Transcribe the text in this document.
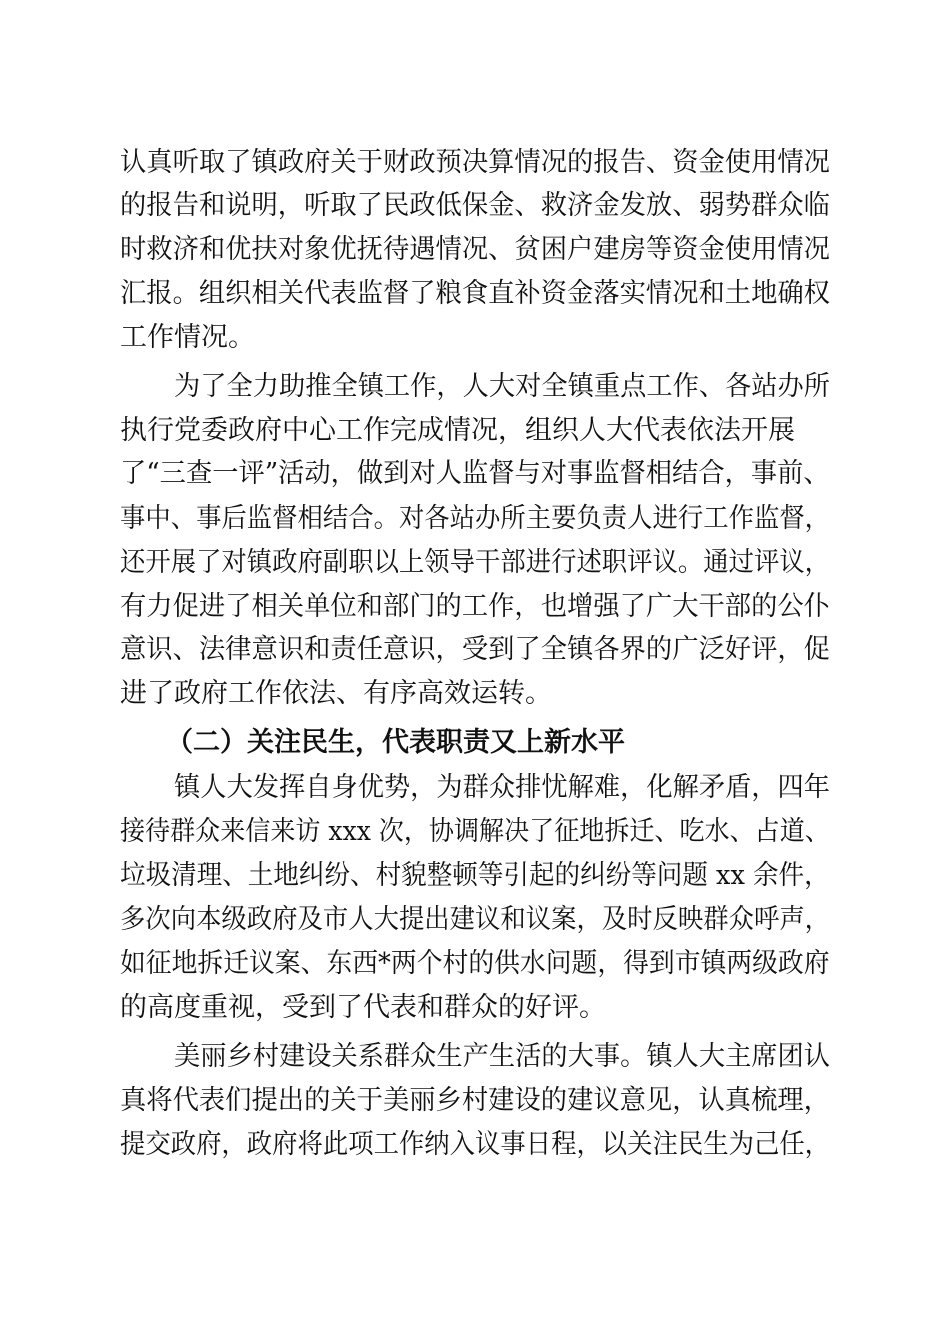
认真听取了镇政府关于财政预决算情况的报告、资金使用情况
的报告和说明，听取了民政低保金、救济金发放、弱势群众临
时救济和优扶对象优抚待遇情况、贫困户建房等资金使用情况
汇报。组织相关代表监督了粮食直补资金落实情况和土地确权
工作情况。
为了全力助推全镇工作，人大对全镇重点工作、各站办所
执行党委政府中心工作完成情况，组织人大代表依法开展
了“三查一评”活动，做到对人监督与对事监督相结合，事前、
事中、事后监督相结合。对各站办所主要负责人进行工作监督，
还开展了对镇政府副职以上领导干部进行述职评议。通过评议，
有力促进了相关单位和部门的工作，也增强了广大干部的公仆
意识、法律意识和责任意识，受到了全镇各界的广泛好评，促
进了政府工作依法、有序高效运转。
（二）关注民生，代表职责又上新水平
镇人大发挥自身优势，为群众排忧解难，化解矛盾，四年
接待群众来信来访 xxx 次，协调解决了征地拆迁、吃水、占道、
垃圾清理、土地纠纷、村貌整顿等引起的纠纷等问题 xx 余件，
多次向本级政府及市人大提出建议和议案，及时反映群众呼声，
如征地拆迁议案、东西*两个村的供水问题，得到市镇两级政府
的高度重视，受到了代表和群众的好评。
美丽乡村建设关系群众生产生活的大事。镇人大主席团认
真将代表们提出的关于美丽乡村建设的建议意见，认真梳理，
提交政府，政府将此项工作纳入议事日程，以关注民生为己任，
